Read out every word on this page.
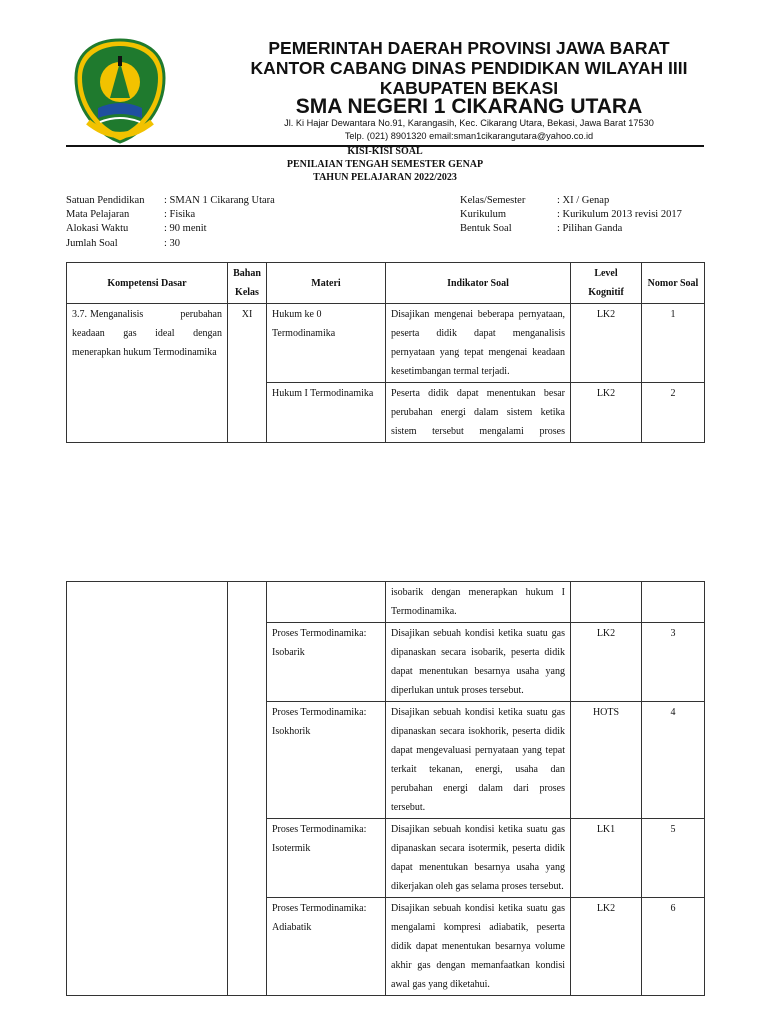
PEMERINTAH DAERAH PROVINSI JAWA BARAT
KANTOR CABANG DINAS PENDIDIKAN WILAYAH IIII
KABUPATEN BEKASI
SMA NEGERI 1 CIKARANG UTARA
Jl. Ki Hajar Dewantara No.91, Karangasih, Kec. Cikarang Utara, Bekasi, Jawa Barat 17530
Telp. (021) 8901320 email:sman1cikarangutara@yahoo.co.id
KISI-KISI SOAL
PENILAIAN TENGAH SEMESTER GENAP
TAHUN PELAJARAN 2022/2023
Satuan Pendidikan : SMAN 1 Cikarang Utara
Mata Pelajaran	: Fisika
Alokasi Waktu	: 90 menit
Jumlah Soal	: 30
Kelas/Semester	: XI / Genap
Kurikulum	: Kurikulum 2013 revisi 2017
Bentuk Soal	: Pilihan Ganda
Kompetensi Dasar	Bahan Kelas	Materi	Indikator Soal	Level Kognitif	Nomor Soal
3.7. Menganalisis perubahan keadaan gas ideal dengan menerapkan hukum Termodinamika	XI	Hukum ke 0 Termodinamika	Disajikan mengenai beberapa pernyataan, peserta didik dapat menganalisis pernyataan yang tepat mengenai keadaan kesetimbangan termal terjadi.	LK2	1
		Hukum I Termodinamika	Peserta didik dapat menentukan besar perubahan energi dalam sistem ketika sistem tersebut mengalami proses	LK2	2
			isobarik dengan menerapkan hukum I Termodinamika.		
		Proses Termodinamika: Isobarik	Disajikan sebuah kondisi ketika suatu gas dipanaskan secara isobarik, peserta didik dapat menentukan besarnya usaha yang diperlukan untuk proses tersebut.	LK2	3
		Proses Termodinamika: Isokhorik	Disajikan sebuah kondisi ketika suatu gas dipanaskan secara isokhorik, peserta didik dapat mengevaluasi pernyataan yang tepat terkait tekanan, energi, usaha dan perubahan energi dalam dari proses tersebut.	HOTS	4
		Proses Termodinamika: Isotermik	Disajikan sebuah kondisi ketika suatu gas dipanaskan secara isotermik, peserta didik dapat menentukan besarnya usaha yang dikerjakan oleh gas selama proses tersebut.	LK1	5
		Proses Termodinamika: Adiabatik	Disajikan sebuah kondisi ketika suatu gas mengalami kompresi adiabatik, peserta didik dapat menentukan besarnya volume akhir gas dengan memanfaatkan kondisi awal gas yang diketahui.	LK2	6
